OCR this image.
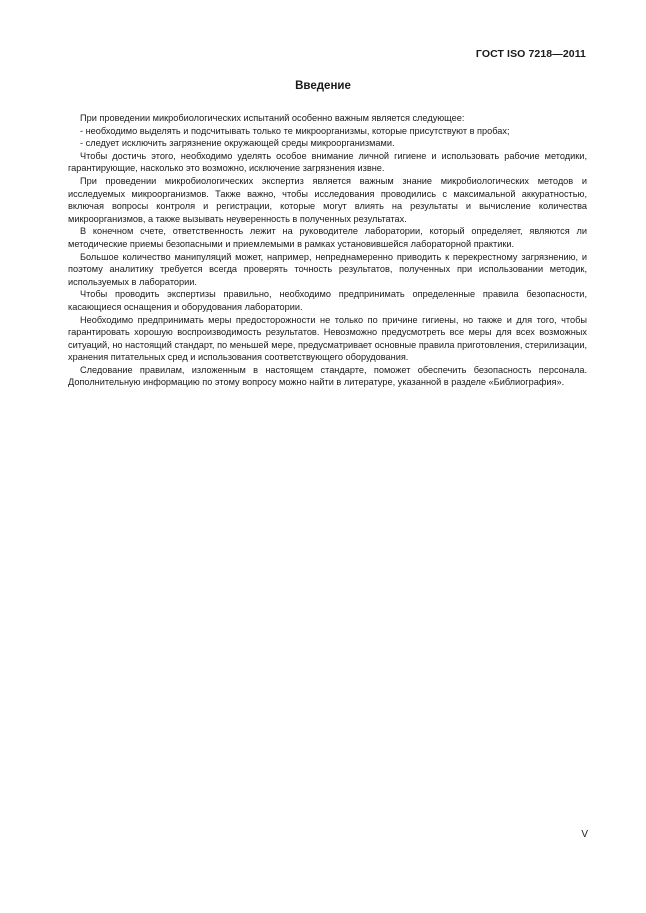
ГОСТ ISO 7218—2011
Введение

При проведении микробиологических испытаний особенно важным является следующее:

- необходимо выделять и подсчитывать только те микроорганизмы, которые присутствуют в пробах;

- следует исключить загрязнение окружающей среды микроорганизмами.

Чтобы достичь этого, необходимо уделять особое внимание личной гигиене и использовать рабочие методики, гарантирующие, насколько это возможно, исключение загрязнения извне.

При проведении микробиологических экспертиз является важным знание микробиологических методов и исследуемых микроорганизмов. Также важно, чтобы исследования проводились с максимальной аккуратностью, включая вопросы контроля и регистрации, которые могут влиять на результаты и вычисление количества микроорганизмов, а также вызывать неуверенность в полученных результатах.

В конечном счете, ответственность лежит на руководителе лаборатории, который определяет, являются ли методические приемы безопасными и приемлемыми в рамках установившейся лабораторной практики.

Большое количество манипуляций может, например, непреднамеренно приводить к перекрестному загрязнению, и поэтому аналитику требуется всегда проверять точность результатов, полученных при использовании методик, используемых в лаборатории.

Чтобы проводить экспертизы правильно, необходимо предпринимать определенные правила безопасности, касающиеся оснащения и оборудования лаборатории.

Необходимо предпринимать меры предосторожности не только по причине гигиены, но также и для того, чтобы гарантировать хорошую воспроизводимость результатов. Невозможно предусмотреть все меры для всех возможных ситуаций, но настоящий стандарт, по меньшей мере, предусматривает основные правила приготовления, стерилизации, хранения питательных сред и использования соответствующего оборудования.

Следование правилам, изложенным в настоящем стандарте, поможет обеспечить безопасность персонала. Дополнительную информацию по этому вопросу можно найти в литературе, указанной в разделе «Библиография».

V
